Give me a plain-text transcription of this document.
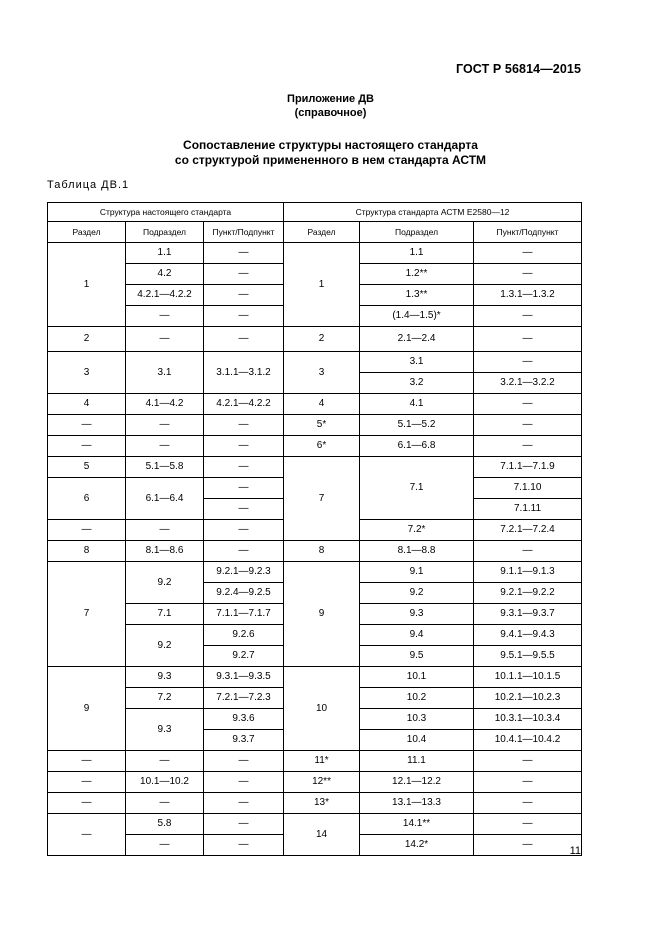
ГОСТ Р 56814—2015
Приложение ДВ
(справочное)
Сопоставление структуры настоящего стандарта
со структурой примененного в нем стандарта АСТМ
Таблица ДВ.1
Структура настоящего стандарта			Структура стандарта АСТМ Е2580—12		
Раздел	Подраздел	Пункт/Подпункт	Раздел	Подраздел	Пункт/Подпункт
1	1.1	—	1	1.1	—
	4.2	—		1.2**	—
	4.2.1—4.2.2	—		1.3**	1.3.1—1.3.2
	—	—		(1.4—1.5)*	—
2	—	—	2	2.1—2.4	—
3	3.1	3.1.1—3.1.2	3	3.1	—
				3.2	3.2.1—3.2.2
4	4.1—4.2	4.2.1—4.2.2	4	4.1	—
—	—	—	5*	5.1—5.2	—
—	—	—	6*	6.1—6.8	—
5	5.1—5.8	—	7	7.1	7.1.1—7.1.9
6	6.1—6.4	—			7.1.10
		—			7.1.11
—	—	—		7.2*	7.2.1—7.2.4
8	8.1—8.6	—	8	8.1—8.8	—
7	9.2	9.2.1—9.2.3	9	9.1	9.1.1—9.1.3
		9.2.4—9.2.5		9.2	9.2.1—9.2.2
	7.1	7.1.1—7.1.7		9.3	9.3.1—9.3.7
	9.2	9.2.6		9.4	9.4.1—9.4.3
		9.2.7		9.5	9.5.1—9.5.5
9	9.3	9.3.1—9.3.5	10	10.1	10.1.1—10.1.5
	7.2	7.2.1—7.2.3		10.2	10.2.1—10.2.3
	9.3	9.3.6		10.3	10.3.1—10.3.4
		9.3.7		10.4	10.4.1—10.4.2
—	—	—	11*	11.1	—
—	10.1—10.2	—	12**	12.1—12.2	—
—	—	—	13*	13.1—13.3	—
—	5.8	—	14	14.1**	—
	—	—		14.2*	—
11
